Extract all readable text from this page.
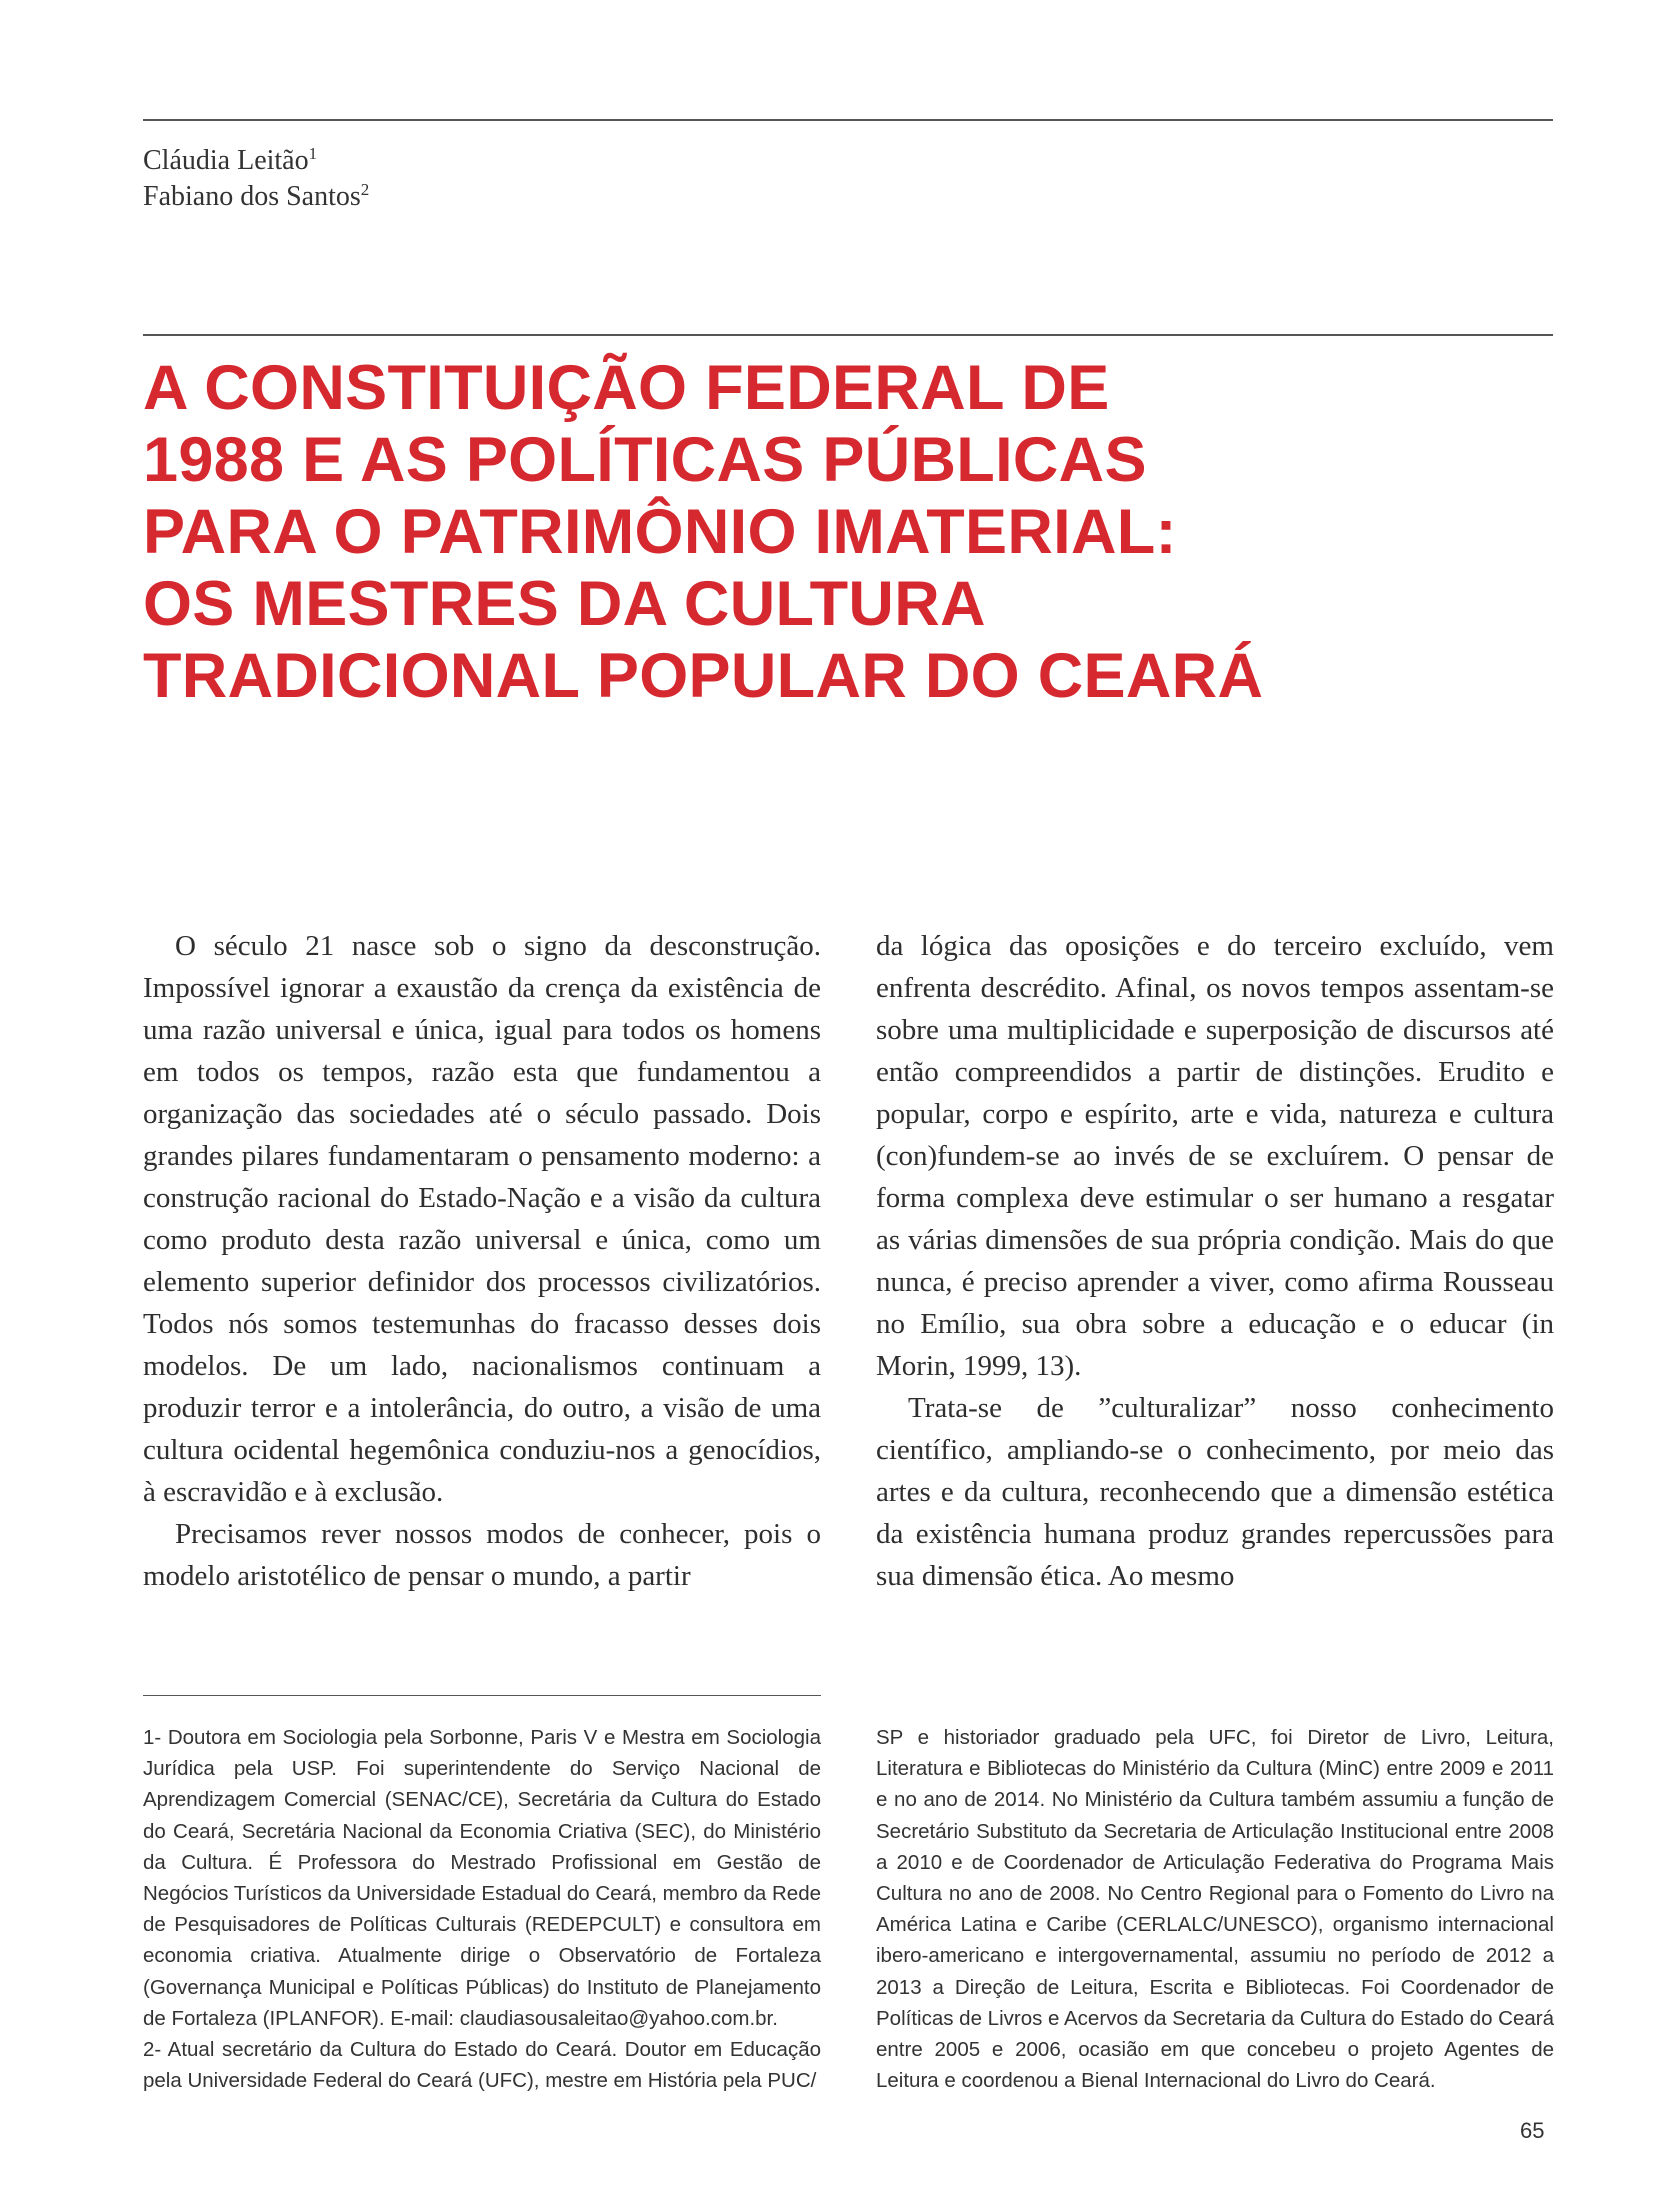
Cláudia Leitão$^1$
Fabiano dos Santos$^2$
A CONSTITUIÇÃO FEDERAL DE
1988 E AS POLÍTICAS PÚBLICAS
PARA O PATRIMÔNIO IMATERIAL:
OS MESTRES DA CULTURA
TRADICIONAL POPULAR DO CEARÁ

O século 21 nasce sob o signo da desconstrução. Impossível ignorar a exaustão da crença da existência de uma razão universal e única, igual para todos os homens em todos os tempos, razão esta que fundamentou a organização das sociedades até o século passado. Dois grandes pilares fundamentaram o pensamento moderno: a construção racional do Estado-Nação e a visão da cultura como produto desta razão universal e única, como um elemento superior definidor dos processos civilizatórios. Todos nós somos testemunhas do fracasso desses dois modelos. De um lado, nacionalismos continuam a produzir terror e a intolerância, do outro, a visão de uma cultura ocidental hegemônica conduziu-nos a genocídios, à escravidão e à exclusão.

Precisamos rever nossos modos de conhecer, pois o modelo aristotélico de pensar o mundo, a partir

da lógica das oposições e do terceiro excluído, vem enfrenta descrédito. Afinal, os novos tempos assentam-se sobre uma multiplicidade e superposição de discursos até então compreendidos a partir de distinções. Erudito e popular, corpo e espírito, arte e vida, natureza e cultura (con)fundem-se ao invés de se excluírem. O pensar de forma complexa deve estimular o ser humano a resgatar as várias dimensões de sua própria condição. Mais do que nunca, é preciso aprender a viver, como afirma Rousseau no Emílio, sua obra sobre a educação e o educar (in Morin, 1999, 13).

Trata-se de ”culturalizar” nosso conhecimento científico, ampliando-se o conhecimento, por meio das artes e da cultura, reconhecendo que a dimensão estética da existência humana produz grandes repercussões para sua dimensão ética. Ao mesmo

1- Doutora em Sociologia pela Sorbonne, Paris V e Mestra em Sociologia Jurídica pela USP. Foi superintendente do Serviço Nacional de Aprendizagem Comercial (SENAC/CE), Secretária da Cultura do Estado do Ceará, Secretária Nacional da Economia Criativa (SEC), do Ministério da Cultura. É Professora do Mestrado Profissional em Gestão de Negócios Turísticos da Universidade Estadual do Ceará, membro da Rede de Pesquisadores de Políticas Culturais (REDEPCULT) e consultora em economia criativa. Atualmente dirige o Observatório de Fortaleza (Governança Municipal e Políticas Públicas) do Instituto de Planejamento de Fortaleza (IPLANFOR). E-mail: claudiasousaleitao@yahoo.com.br.

2- Atual secretário da Cultura do Estado do Ceará. Doutor em Educação pela Universidade Federal do Ceará (UFC), mestre em História pela PUC/

SP e historiador graduado pela UFC, foi Diretor de Livro, Leitura, Literatura e Bibliotecas do Ministério da Cultura (MinC) entre 2009 e 2011 e no ano de 2014. No Ministério da Cultura também assumiu a função de Secretário Substituto da Secretaria de Articulação Institucional entre 2008 a 2010 e de Coordenador de Articulação Federativa do Programa Mais Cultura no ano de 2008. No Centro Regional para o Fomento do Livro na América Latina e Caribe (CERLALC/UNESCO), organismo internacional ibero-americano e intergovernamental, assumiu no período de 2012 a 2013 a Direção de Leitura, Escrita e Bibliotecas. Foi Coordenador de Políticas de Livros e Acervos da Secretaria da Cultura do Estado do Ceará entre 2005 e 2006, ocasião em que concebeu o projeto Agentes de Leitura e coordenou a Bienal Internacional do Livro do Ceará.

65
